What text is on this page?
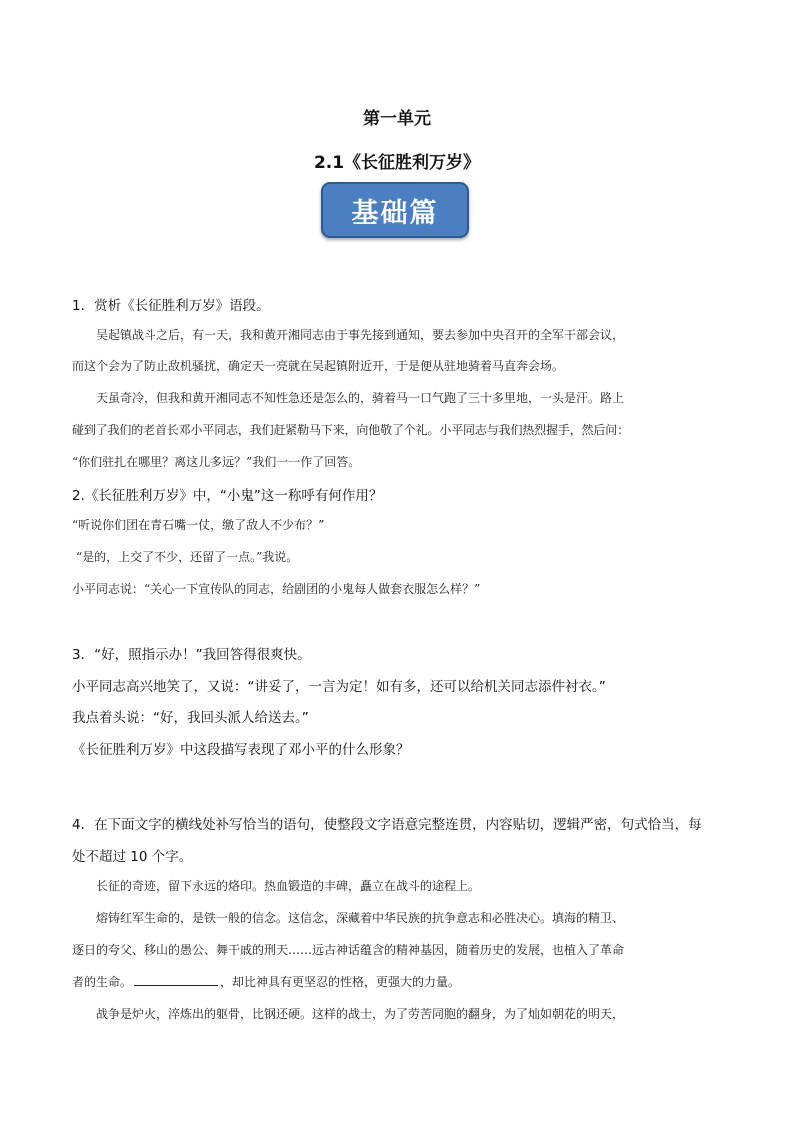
第一单元
2.1《长征胜利万岁》
基础篇
1．赏析《长征胜利万岁》语段。
吴起镇战斗之后，有一天，我和黄开湘同志由于事先接到通知，要去参加中央召开的全军干部会议，
而这个会为了防止敌机骚扰，确定天一亮就在吴起镇附近开，于是便从驻地骑着马直奔会场。
天虽奇冷，但我和黄开湘同志不知性急还是怎么的，骑着马一口气跑了三十多里地，一头是汗。路上
碰到了我们的老首长邓小平同志，我们赶紧勒马下来，向他敬了个礼。小平同志与我们热烈握手，然后问：
“你们驻扎在哪里？离这儿多远？”我们一一作了回答。
2.《长征胜利万岁》中，“小鬼”这一称呼有何作用？
“听说你们团在青石嘴一仗，缴了敌人不少布？”
“是的，上交了不少，还留了一点。”我说。
小平同志说：“关心一下宣传队的同志，给剧团的小鬼每人做套衣服怎么样？”
3．“好，照指示办！”我回答得很爽快。
小平同志高兴地笑了，又说：“讲妥了，一言为定！如有多，还可以给机关同志添件衬衣。”
我点着头说：“好，我回头派人给送去。”
《长征胜利万岁》中这段描写表现了邓小平的什么形象？
4．在下面文字的横线处补写恰当的语句，使整段文字语意完整连贯，内容贴切，逻辑严密，句式恰当，每
处不超过 10 个字。
长征的奇迹，留下永远的烙印。热血锻造的丰碑，矗立在战斗的途程上。
熔铸红军生命的，是铁一般的信念。这信念，深藏着中华民族的抗争意志和必胜决心。填海的精卫、
逐日的夸父、移山的愚公、舞干戚的刑天……远古神话蕴含的精神基因，随着历史的发展，也植入了革命
者的生命。	，却比神具有更坚忍的性格，更强大的力量。
战争是炉火，淬炼出的躯骨，比钢还硬。这样的战士，为了劳苦同胞的翻身，为了灿如朝花的明天，
